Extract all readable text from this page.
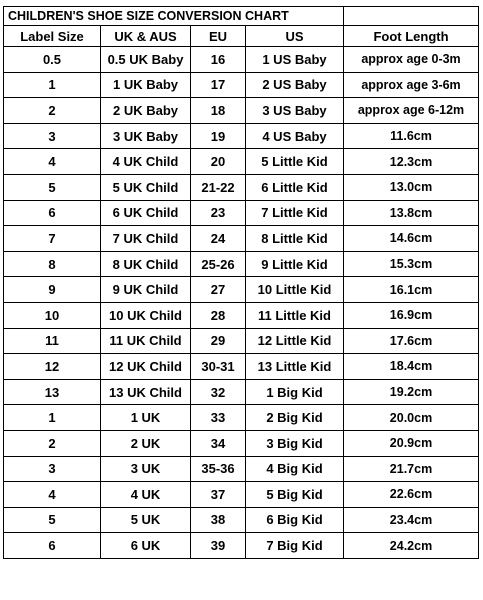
CHILDREN'S SHOE SIZE CONVERSION CHART				
Label Size	UK & AUS	EU	US	Foot Length
0.5	0.5 UK Baby	16	1 US Baby	approx age 0-3m
1	1 UK Baby	17	2 US Baby	approx age 3-6m
2	2 UK Baby	18	3 US Baby	approx age 6-12m
3	3 UK Baby	19	4 US Baby	11.6cm
4	4 UK Child	20	5 Little Kid	12.3cm
5	5 UK Child	21-22	6 Little Kid	13.0cm
6	6 UK Child	23	7 Little Kid	13.8cm
7	7 UK Child	24	8 Little Kid	14.6cm
8	8 UK Child	25-26	9 Little Kid	15.3cm
9	9 UK Child	27	10 Little Kid	16.1cm
10	10 UK Child	28	11 Little Kid	16.9cm
11	11 UK Child	29	12 Little Kid	17.6cm
12	12 UK Child	30-31	13 Little Kid	18.4cm
13	13 UK Child	32	1 Big Kid	19.2cm
1	1 UK	33	2 Big Kid	20.0cm
2	2 UK	34	3 Big Kid	20.9cm
3	3 UK	35-36	4 Big Kid	21.7cm
4	4 UK	37	5 Big Kid	22.6cm
5	5 UK	38	6 Big Kid	23.4cm
6	6 UK	39	7 Big Kid	24.2cm
